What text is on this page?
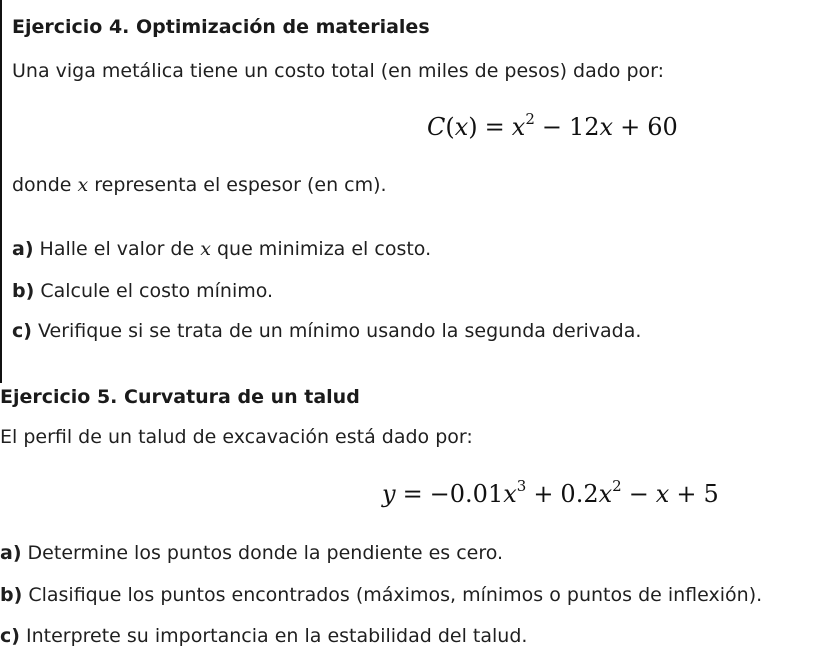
Ejercicio 4. Optimización de materiales
Una viga metálica tiene un costo total (en miles de pesos) dado por:
$C(x) = x^2 - 12x + 60$
donde x representa el espesor (en cm).
a) Halle el valor de x que minimiza el costo.
b) Calcule el costo mínimo.
c) Verifique si se trata de un mínimo usando la segunda derivada.
Ejercicio 5. Curvatura de un talud
El perfil de un talud de excavación está dado por:
$y = -0.01x^3 + 0.2x^2 - x + 5$
a) Determine los puntos donde la pendiente es cero.
b) Clasifique los puntos encontrados (máximos, mínimos o puntos de inflexión).
c) Interprete su importancia en la estabilidad del talud.
